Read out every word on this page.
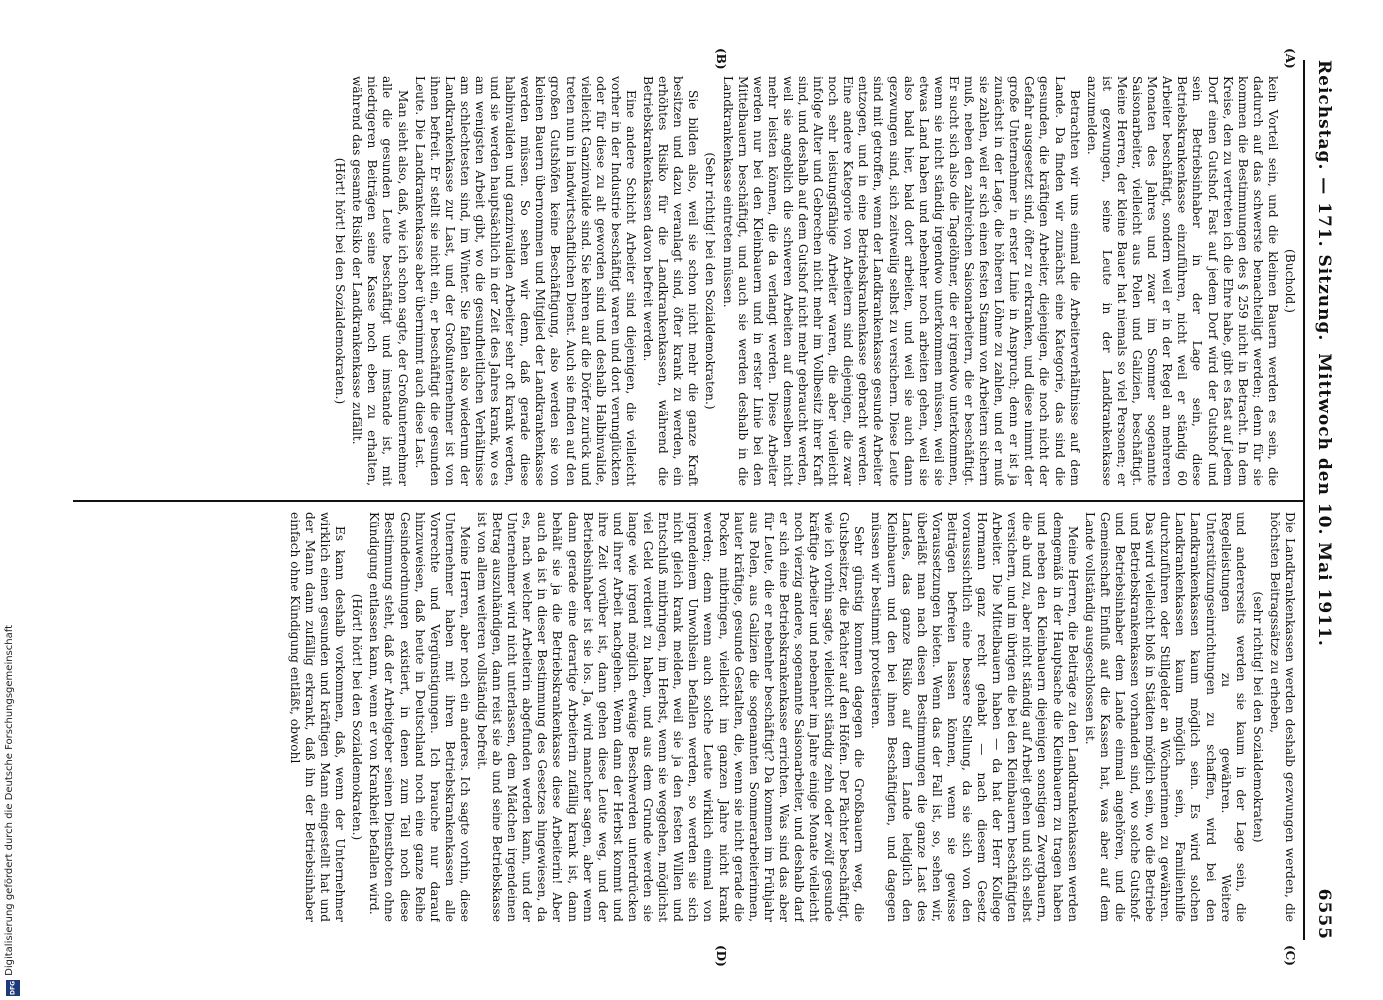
Digitalisierung gefördert durch die Deutsche Forschungsgemeinschaft
DFG
Reichstag. — 171. Sitzung.
Mittwoch den 10. Mai 1911.
6555
(A)
(B)
(C)
(D)

(Buchold.)

kein Vorteil sein, und die kleinen Bauern werden es sein, die dadurch auf das schwerste benachteiligt werden; denn für sie kommen die Bestimmungen des § 259 nicht in Betracht. In dem Kreise, den zu vertreten ich die Ehre habe, gibt es fast auf jedem Dorf einen Gutshof. Fast auf jedem Dorf wird der Gutshof und sein Betriebsinhaber in der Lage sein, diese Betriebskrankenkasse einzuführen, nicht weil er ständig 60 Arbeiter beschäftigt, sondern weil er in der Regel an mehreren Monaten des Jahres und zwar im Sommer sogenannte Saisonarbeiter, vielleicht aus Polen und Galizien, beschäftigt. Meine Herren, der kleine Bauer hat niemals so viel Personen; er ist gezwungen, seine Leute in der Landkrankenkasse anzumelden.

Betrachten wir uns einmal die Arbeiterverhältnisse auf dem Lande. Da finden wir zunächst eine Kategorie, das sind die gesunden, die kräftigen Arbeiter, diejenigen, die noch nicht der Gefahr ausgesetzt sind, öfter zu erkranken, und diese nimmt der große Unternehmer in erster Linie in Anspruch; denn er ist ja zunächst in der Lage, die höheren Löhne zu zahlen, und er muß sie zahlen, weil er sich einen festen Stamm von Arbeitern sichern muß, neben den zahlreichen Saisonarbeitern, die er beschäftigt. Er sucht sich also die Tagelöhner, die er irgendwo unterkommen, wenn sie nicht ständig irgendwo unterkommen müssen, weil sie etwas Land haben und nebenher noch arbeiten gehen, weil sie also bald hier, bald dort arbeiten, und weil sie auch dann gezwungen sind, sich zeitweilig selbst zu versichern. Diese Leute sind mit getroffen, wenn der Landkrankenkasse gesunde Arbeiter entzogen, und in eine Betriebskrankenkasse gebracht werden. Eine andere Kategorie von Arbeitern sind diejenigen, die zwar noch sehr leistungsfähige Arbeiter waren, die aber vielleicht infolge Alter und Gebrechen nicht mehr im Vollbesitz ihrer Kraft sind, und deshalb auf dem Gutshof nicht mehr gebraucht werden, weil sie angeblich die schweren Arbeiten auf demselben nicht mehr leisten können, die da verlangt werden. Diese Arbeiter werden nur bei den Kleinbauern und in erster Linie bei den Mittelbauern beschäftigt, und auch sie werden deshalb in die Landkrankenkasse eintreten müssen.

(Sehr richtig! bei den Sozialdemokraten.)

Sie bilden also, weil sie schon nicht mehr die ganze Kraft besitzen und dazu veranlagt sind, öfter krank zu werden, ein erhöhtes Risiko für die Landkrankenkassen, während die Betriebskrankenkassen davon befreit werden.

Eine andere Schicht Arbeiter sind diejenigen, die vielleicht vorher in der Industrie beschäftigt waren und dort verunglückten oder für diese zu alt geworden sind und deshalb Halbinvalide, vielleicht Ganzinvalide sind. Sie kehren auf die Dörfer zurück und treten nun in landwirtschaftlichen Dienst. Auch sie finden auf den großen Gutshöfen keine Beschäftigung, also werden sie von kleinen Bauern übernommen und Mitglied der Landkrankenkasse werden müssen. So sehen wir denn, daß gerade diese halbinvaliden und ganzinvaliden Arbeiter sehr oft krank werden, und sie werden hauptsächlich in der Zeit des Jahres krank, wo es am wenigsten Arbeit gibt, wo die gesundheitlichen Verhältnisse am schlechtesten sind, im Winter. Sie fallen also wiederum der Landkrankenkasse zur Last, und der Großunternehmer ist von ihnen befreit. Er stellt sie nicht ein, er beschäftigt die gesunden Leute. Die Landkrankenkasse aber übernimmt auch diese Last.

Man sieht also, daß, wie ich schon sagte, der Großunternehmer alle die gesunden Leute beschäftigt und imstande ist, mit niedrigeren Beiträgen seine Kasse noch eben zu erhalten, während das gesamte Risiko der Landkrankenkasse zufällt.

(Hört! hört! bei den Sozialdemokraten.)

Die Landkrankenkassen werden deshalb gezwungen werden, die höchsten Beitragssätze zu erheben,

(sehr richtig! bei den Sozialdemokraten)

und andererseits werden sie kaum in der Lage sein, die Regelleistungen zu gewähren. Weitere Unterstützungseinrichtungen zu schaffen, wird bei den Landkrankenkassen kaum möglich sein. Es wird solchen Landkrankenkassen kaum möglich sein, Familienhilfe durchzuführen oder Stillgelder an Wöchnerinnen zu gewähren. Das wird vielleicht bloß in Städten möglich sein, wo die Betriebe und Betriebskrankenkassen vorhanden sind, wo solche Gutshof- und Betriebsinhaber dem Lande einmal angehören, und die Gemeinschaft Einfluß auf die Kassen hat, was aber auf dem Lande vollständig ausgeschlossen ist.

Meine Herren, die Beiträge zu den Landkrankenkassen werden demgemäß in der Hauptsache die Kleinbauern zu tragen haben und neben den Kleinbauern diejenigen sonstigen Zwergbauern, die ab und zu, aber nicht ständig auf Arbeit gehen und sich selbst versichern, und im übrigen die bei den Kleinbauern beschäftigten Arbeiter. Die Mittelbauern haben — da hat der Herr Kollege Hormann ganz recht gehabt — nach diesem Gesetz vorausssichtlich eine bessere Stellung, da sie sich von den Beiträgen befreien lassen können, wenn sie gewisse Voraussetzungen bieten. Wenn das der Fall ist, so, sehen wir, überläßt man nach diesen Bestimmungen die ganze Last des Landes, das ganze Risiko auf dem Lande lediglich den Kleinbauern und den bei ihnen Beschäftigten, und dagegen müssen wir bestimmt protestieren.

Sehr günstig kommen dagegen die Großbauern weg, die Gutsbesitzer, die Pächter auf den Höfen. Der Pächter beschäftigt, wie ich vorhin sagte, vielleicht ständig zehn oder zwölf gesunde kräftige Arbeiter und nebenher im Jahre einige Monate vielleicht noch vierzig andere, sogenannte Saisonarbeiter, und deshalb darf er sich eine Betriebskrankenkasse errichten. Was sind das aber für Leute, die er nebenher beschäftigt? Da kommen im Frühjahr aus Polen, aus Galizien die sogenannten Sommerarbeiterinnen, lauter kräftige, gesunde Gestalten, die, wenn sie nicht gerade die Pocken mitbringen, vielleicht im ganzen Jahre nicht krank werden; denn wenn auch solche Leute wirklich einmal von irgendeinem Unwohlsein befallen werden, so werden sie sich nicht gleich krank melden, weil sie ja den festen Willen und Entschluß mitbringen, im Herbst, wenn sie weggehen, möglichst viel Geld verdient zu haben, und aus dem Grunde werden sie lange wie irgend möglich etwaige Beschwerden unterdrücken und ihrer Arbeit nachgehen. Wenn dann der Herbst kommt und ihre Zeit vorüber ist, dann gehen diese Leute weg, und der Betriebsinhaber ist sie los. Ja, wird mancher sagen, aber wenn dann gerade eine derartige Arbeiterin zufällig krank ist, dann behält sie ja die Betriebskrankenkasse diese Arbeiterin! Aber auch da ist in dieser Bestimmung des Gesetzes hingewiesen, da es, nach welcher Arbeiterin abgefunden werden kann, und der Unternehmer wird nicht unterlassen, dem Mädchen irgendeinen Betrag auszuhändigen, dann reist sie ab und seine Betriebskasse ist von allem weiteren vollständig befreit.

Meine Herren, aber noch ein anderes. Ich sagte vorhin, diese Unternehmer haben mit ihren Betriebskrankenkassen alle Vorrechte und Vergünstigungen. Ich brauche nur darauf hinzuweisen, daß heute in Deutschland noch eine ganze Reihe Gesindeordnungen existiert, in denen zum Teil noch diese Bestimmung steht, daß der Arbeitgeber seinen Dienstboten ohne Kündigung entlassen kann, wenn er von Krankheit befallen wird.

(Hört! hört! bei den Sozialdemokraten.)

Es kann deshalb vorkommen, daß, wenn der Unternehmer wirklich einen gesunden und kräftigen Mann eingestellt hat und der Mann dann zufällig erkrankt, daß ihn der Betriebsinhaber einfach ohne Kündigung entläßt, obwohl
